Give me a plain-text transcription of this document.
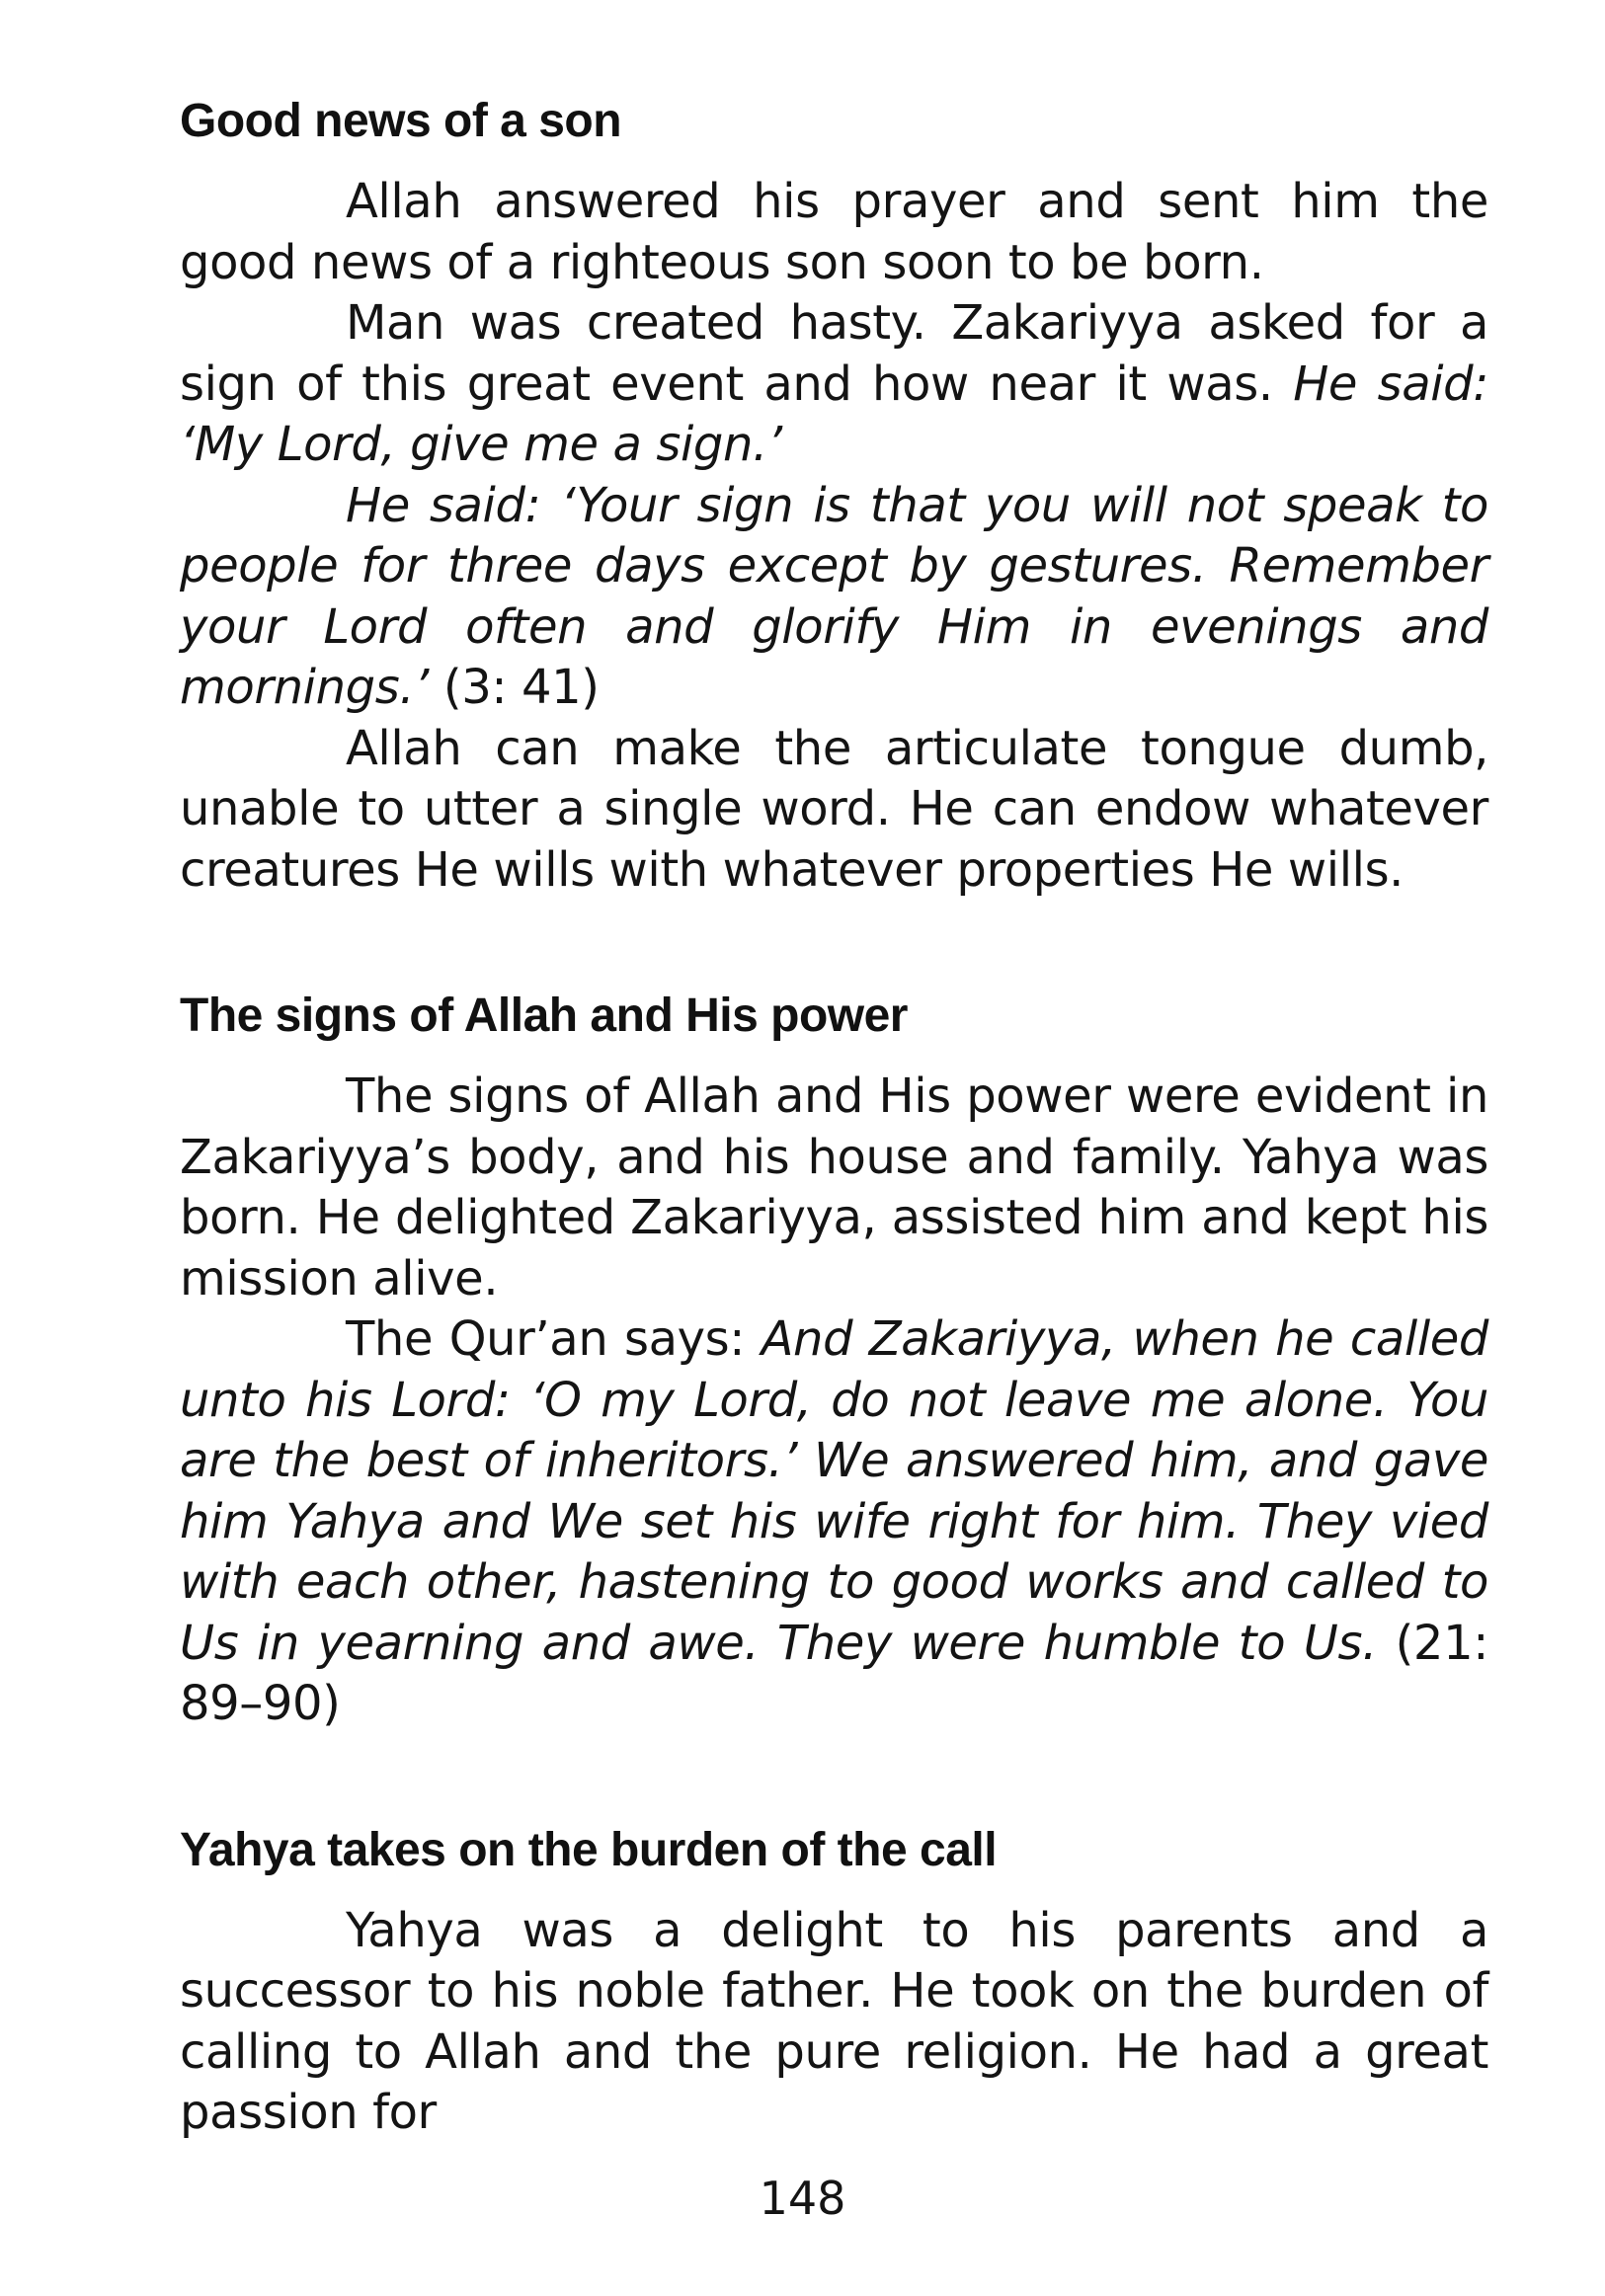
Good news of a son

Allah answered his prayer and sent him the good news of a righteous son soon to be born.

Man was created hasty. Zakariyya asked for a sign of this great event and how near it was. He said: ‘My Lord, give me a sign.’

He said: ‘Your sign is that you will not speak to people for three days except by gestures. Remember your Lord often and glorify Him in evenings and mornings.’ (3: 41)

Allah can make the articulate tongue dumb, unable to utter a single word. He can endow whatever creatures He wills with whatever properties He wills.

The signs of Allah and His power

The signs of Allah and His power were evident in Zakariyya’s body, and his house and family. Yahya was born. He delighted Zakariyya, assisted him and kept his mission alive.

The Qur’an says: And Zakariyya, when he called unto his Lord: ‘O my Lord, do not leave me alone. You are the best of inheritors.’ We answered him, and gave him Yahya and We set his wife right for him. They vied with each other, hastening to good works and called to Us in yearning and awe. They were humble to Us. (21: 89–90)

Yahya takes on the burden of the call

Yahya was a delight to his parents and a successor to his noble father. He took on the burden of calling to Allah and the pure religion. He had a great passion for

148
